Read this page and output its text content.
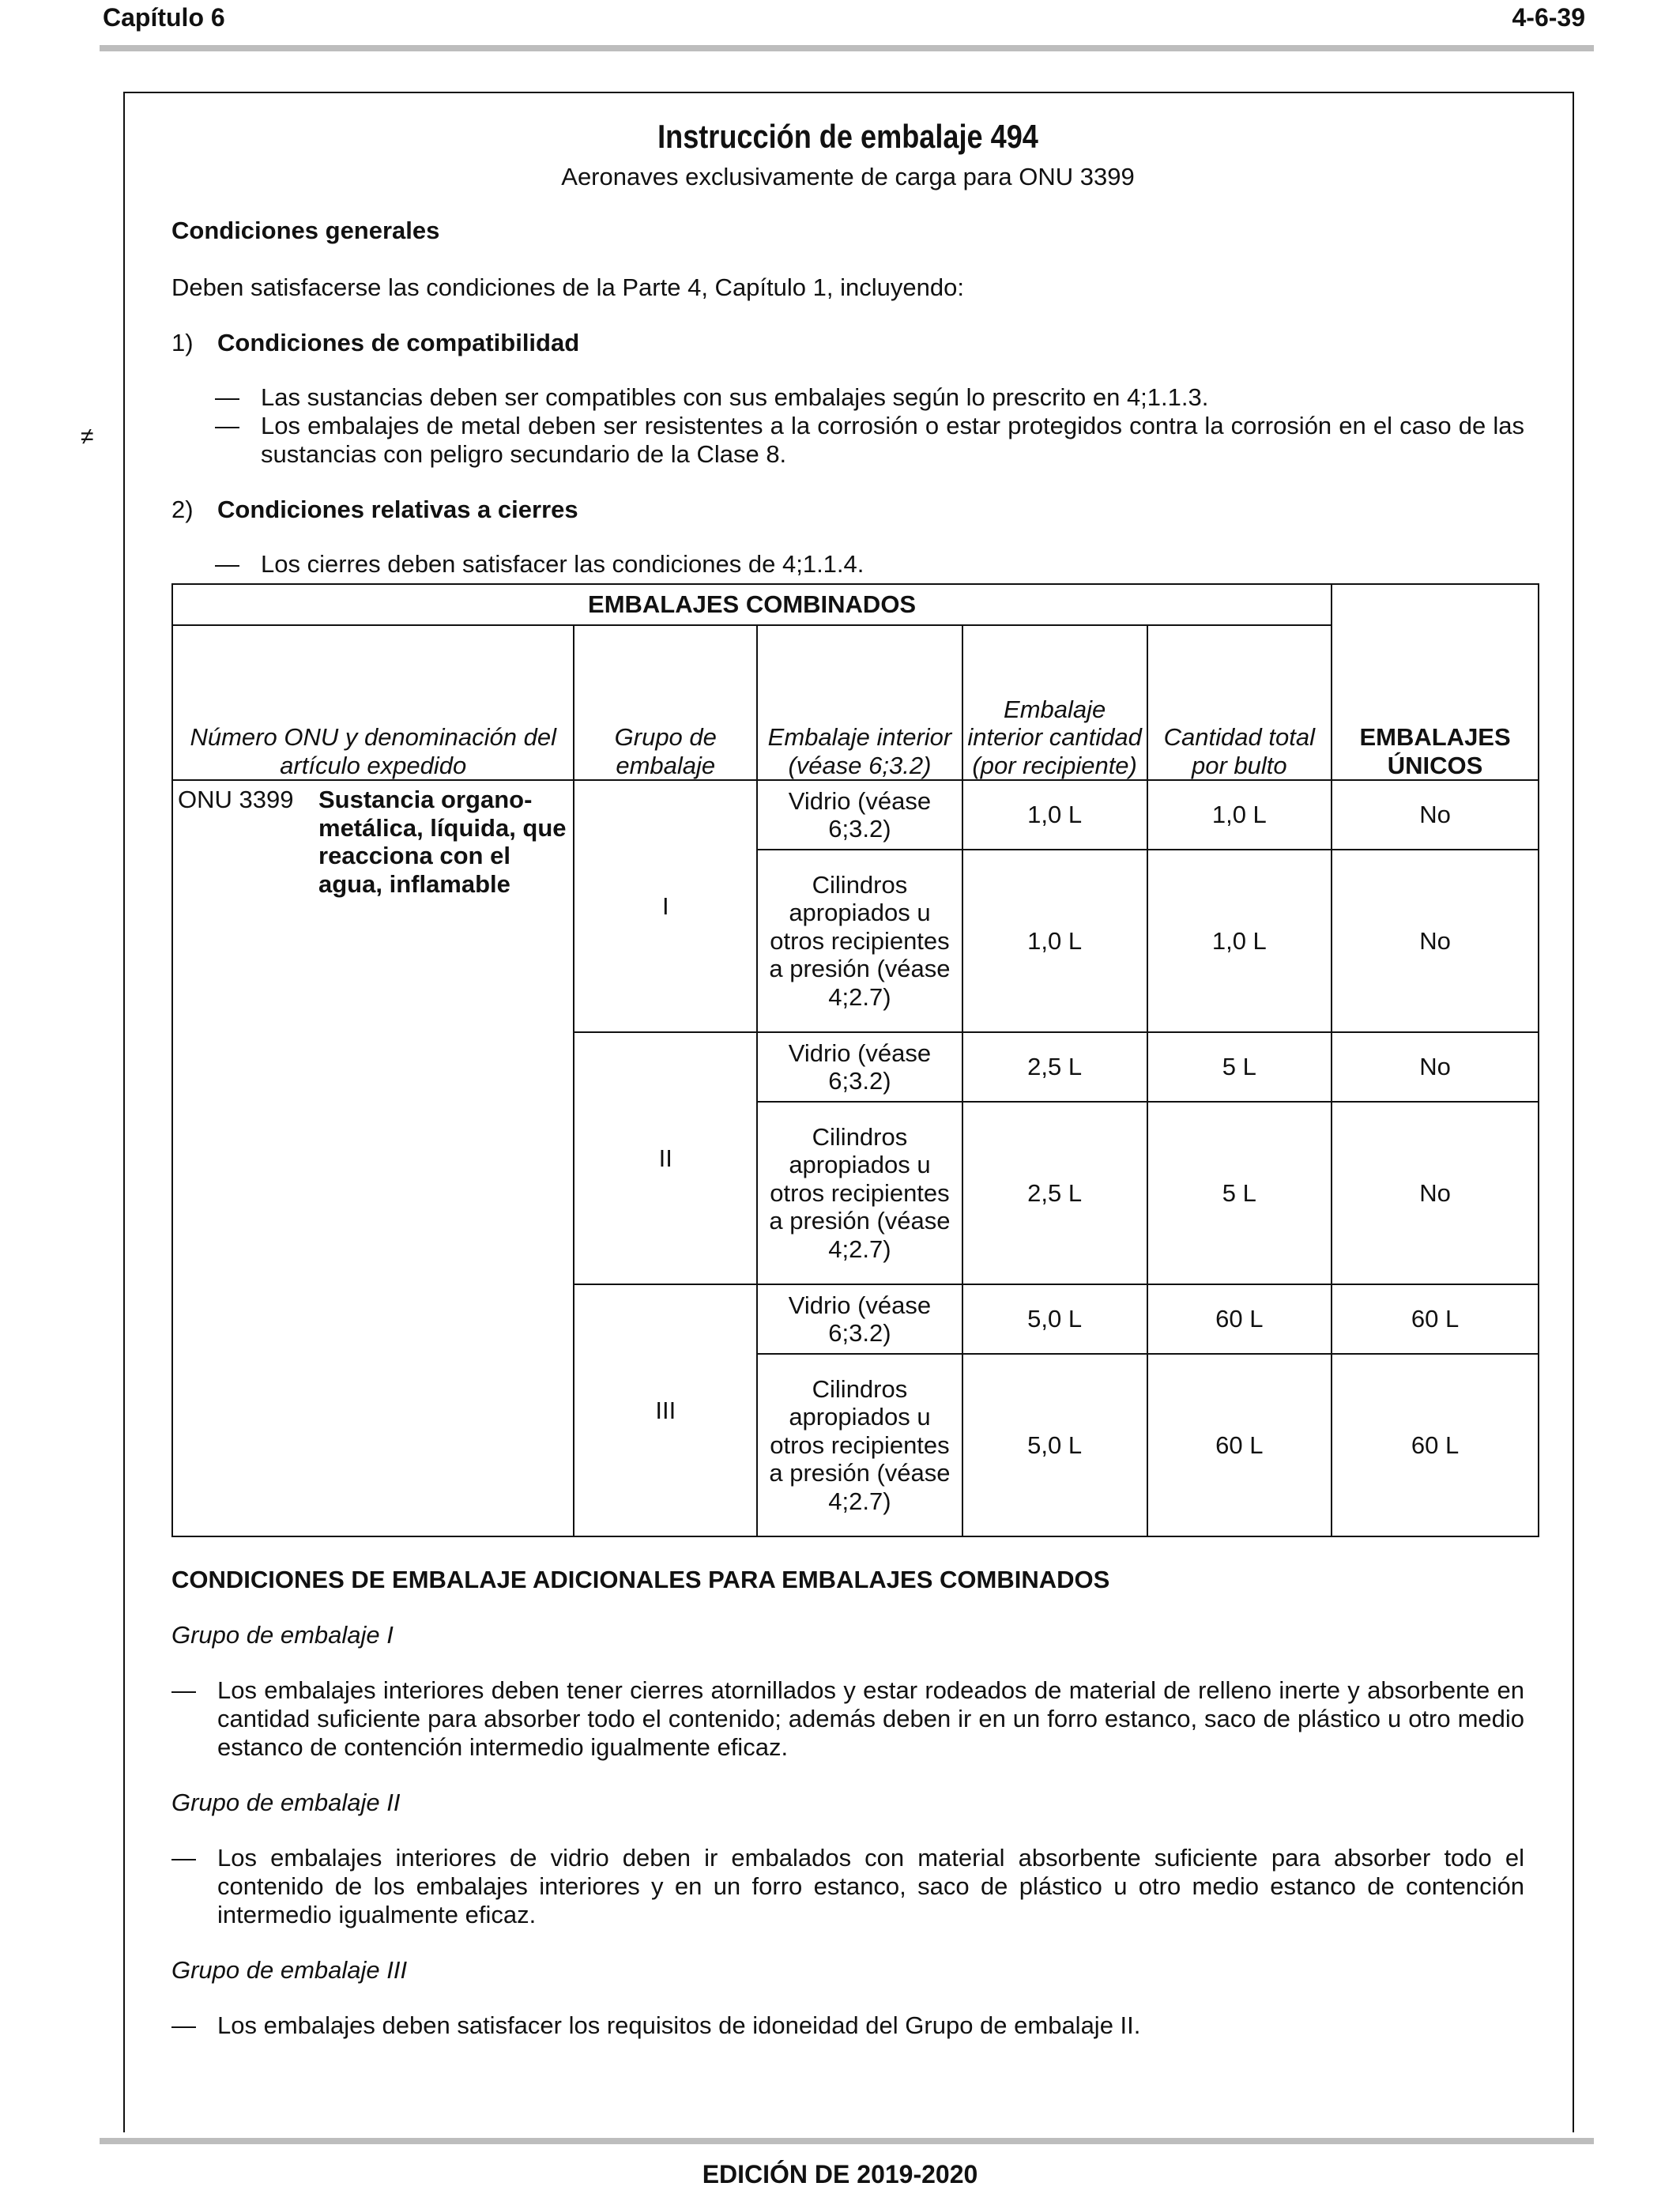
Capítulo 6	4-6-39
≠
Instrucción de embalaje 494
Aeronaves exclusivamente de carga para ONU 3399
Condiciones generales
Deben satisfacerse las condiciones de la Parte 4, Capítulo 1, incluyendo:
1) Condiciones de compatibilidad
— Las sustancias deben ser compatibles con sus embalajes según lo prescrito en 4;1.1.3.
— Los embalajes de metal deben ser resistentes a la corrosión o estar protegidos contra la corrosión en el caso de las sustancias con peligro secundario de la Clase 8.
2) Condiciones relativas a cierres
— Los cierres deben satisfacer las condiciones de 4;1.1.4.
EMBALAJES COMBINADOS					EMBALAJES ÚNICOS
Número ONU y denominación del artículo expedido	Grupo de embalaje	Embalaje interior (véase 6;3.2)	Embalaje interior cantidad (por recipiente)	Cantidad total por bulto	

ONU 3399 Sustancia organo-metálica, líquida, que reacciona con el agua, inflamable	I	Vidrio (véase 6;3.2)	1,0 L	1,0 L	No
		Cilindros apropiados u otros recipientes a presión (véase 4;2.7)	1,0 L	1,0 L	No
	II	Vidrio (véase 6;3.2)	2,5 L	5 L	No
		Cilindros apropiados u otros recipientes a presión (véase 4;2.7)	2,5 L	5 L	No
	III	Vidrio (véase 6;3.2)	5,0 L	60 L	60 L
		Cilindros apropiados u otros recipientes a presión (véase 4;2.7)	5,0 L	60 L	60 L
CONDICIONES DE EMBALAJE ADICIONALES PARA EMBALAJES COMBINADOS
Grupo de embalaje I
— Los embalajes interiores deben tener cierres atornillados y estar rodeados de material de relleno inerte y absorbente en cantidad suficiente para absorber todo el contenido; además deben ir en un forro estanco, saco de plástico u otro medio estanco de contención intermedio igualmente eficaz.
Grupo de embalaje II
— Los embalajes interiores de vidrio deben ir embalados con material absorbente suficiente para absorber todo el contenido de los embalajes interiores y en un forro estanco, saco de plástico u otro medio estanco de contención intermedio igualmente eficaz.
Grupo de embalaje III
— Los embalajes deben satisfacer los requisitos de idoneidad del Grupo de embalaje II.
EDICIÓN DE 2019-2020
